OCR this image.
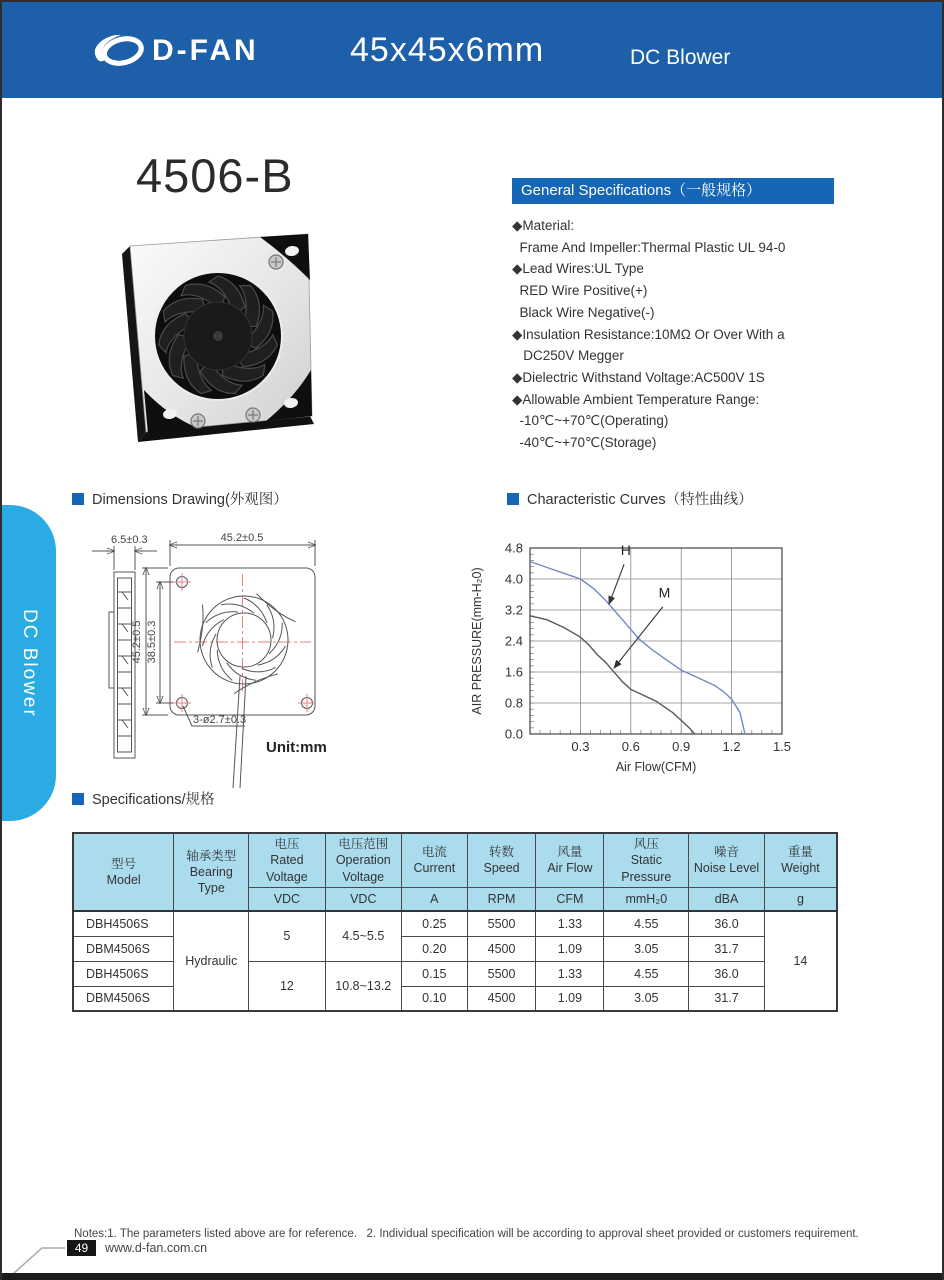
D-FAN	45x45x6mm	DC Blower
DC Blower
4506-B	General Specifications（一般规格）
◆Material:
Frame And Impeller:Thermal Plastic UL 94-0
◆Lead Wires:UL Type
RED Wire Positive(+)
Black Wire Negative(-)
◆Insulation Resistance:10MΩ Or Over With a
DC250V Megger
◆Dielectric Withstand Voltage:AC500V 1S
◆Allowable Ambient Temperature Range:
-10℃~+70℃(Operating)
-40℃~+70℃(Storage)
Dimensions Drawing(外观图）	Characteristic Curves（特性曲线）
Specifications/规格
6.5±0.3	45.2±0.5
45.2±0.5 38.5±0.3
3-ø2.7±0.3
Unit:mm	0.3 0.6 0.9 1.2 1.5
0.0
0.8
1.6
2.4
3.2
4.0
4.8	H
M
AIR PRESSURE(mm-H₂0)
Air Flow(CFM)
型号
Model	轴承类型
Bearing
Type	电压
Rated
Voltage	电压范围
Operation
Voltage	电流
Current	转数
Speed	风量
Air Flow	风压
Static
Pressure	噪音
Noise Level	重量
Weight
		VDC	VDC	A	RPM	CFM	mmH₂0	dBA	g
DBH4506S	Hydraulic	5	4.5~5.5	0.25	5500	1.33	4.55	36.0	14
DBM4506S				0.20	4500	1.09	3.05	31.7	
DBH4506S		12	10.8~13.2	0.15	5500	1.33	4.55	36.0	
DBM4506S				0.10	4500	1.09	3.05	31.7	
Notes:1. The parameters listed above are for reference.   2. Individual specification will be according to approval sheet provided or customers requirement.
49	www.d-fan.com.cn
